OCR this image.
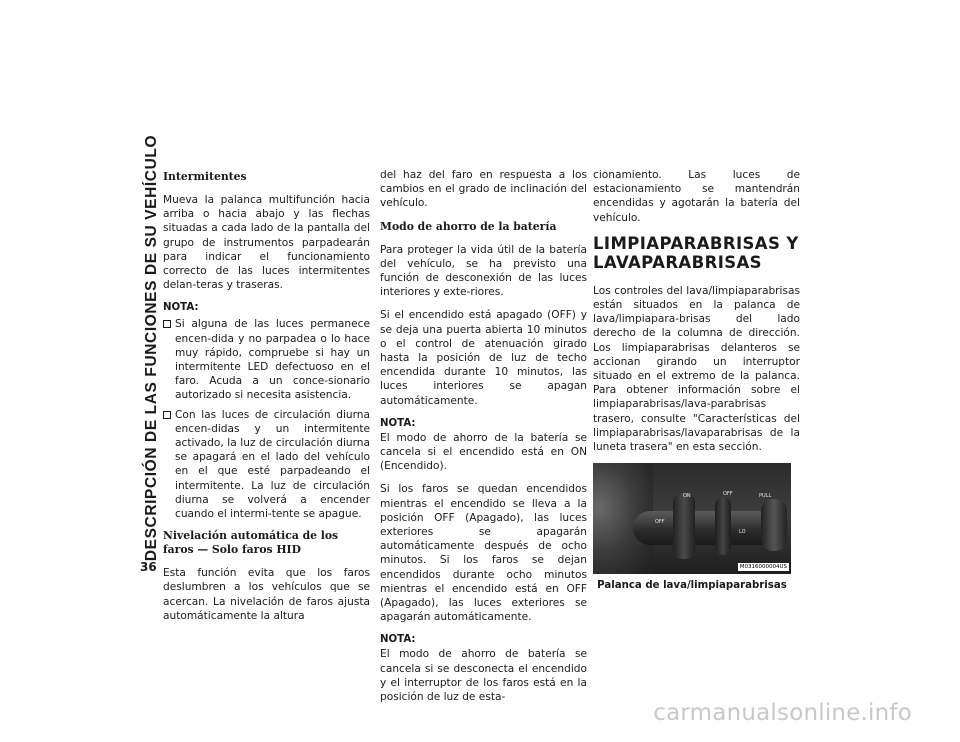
DESCRIPCIÓN DE LAS FUNCIONES DE SU VEHÍCULO
36
Intermitentes

Mueva la palanca multifunción hacia arriba o hacia abajo y las flechas situadas a cada lado de la pantalla del grupo de instrumentos parpadearán para indicar el funcionamiento correcto de las luces intermitentes delan-teras y traseras.

NOTA:
Si alguna de las luces permanece encen-dida y no parpadea o lo hace muy rápido, compruebe si hay un intermitente LED defectuoso en el faro. Acuda a un conce-sionario autorizado si necesita asistencia.
Con las luces de circulación diurna encen-didas y un intermitente activado, la luz de circulación diurna se apagará en el lado del vehículo en el que esté parpadeando el intermitente. La luz de circulación diurna se volverá a encender cuando el intermi-tente se apague.
Nivelación automática de los faros — Solo faros HID

Esta función evita que los faros deslumbren a los vehículos que se acercan. La nivelación de faros ajusta automáticamente la altura

del haz del faro en respuesta a los cambios en el grado de inclinación del vehículo.

Modo de ahorro de la batería

Para proteger la vida útil de la batería del vehículo, se ha previsto una función de desconexión de las luces interiores y exte-riores.

Si el encendido está apagado (OFF) y se deja una puerta abierta 10 minutos o el control de atenuación girado hasta la posición de luz de techo encendida durante 10 minutos, las luces interiores se apagan automáticamente.

NOTA:

El modo de ahorro de la batería se cancela si el encendido está en ON (Encendido).

Si los faros se quedan encendidos mientras el encendido se lleva a la posición OFF (Apagado), las luces exteriores se apagarán automáticamente después de ocho minutos. Si los faros se dejan encendidos durante ocho minutos mientras el encendido está en OFF (Apagado), las luces exteriores se apagarán automáticamente.

NOTA:

El modo de ahorro de batería se cancela si se desconecta el encendido y el interruptor de los faros está en la posición de luz de esta-

cionamiento. Las luces de estacionamiento se mantendrán encendidas y agotarán la batería del vehículo.

LIMPIAPARABRISAS Y LAVAPARABRISAS

Los controles del lava/limpiaparabrisas están situados en la palanca de lava/limpiapara-brisas del lado derecho de la columna de dirección. Los limpiaparabrisas delanteros se accionan girando un interruptor situado en el extremo de la palanca. Para obtener información sobre el limpiaparabrisas/lava-parabrisas trasero, consulte "Características del limpiaparabrisas/lavaparabrisas de la luneta trasera" en esta sección.

ON
OFF
OFF	PULL
LO
M0316000004US
Palanca de lava/limpiaparabrisas
carmanualsonline.info
